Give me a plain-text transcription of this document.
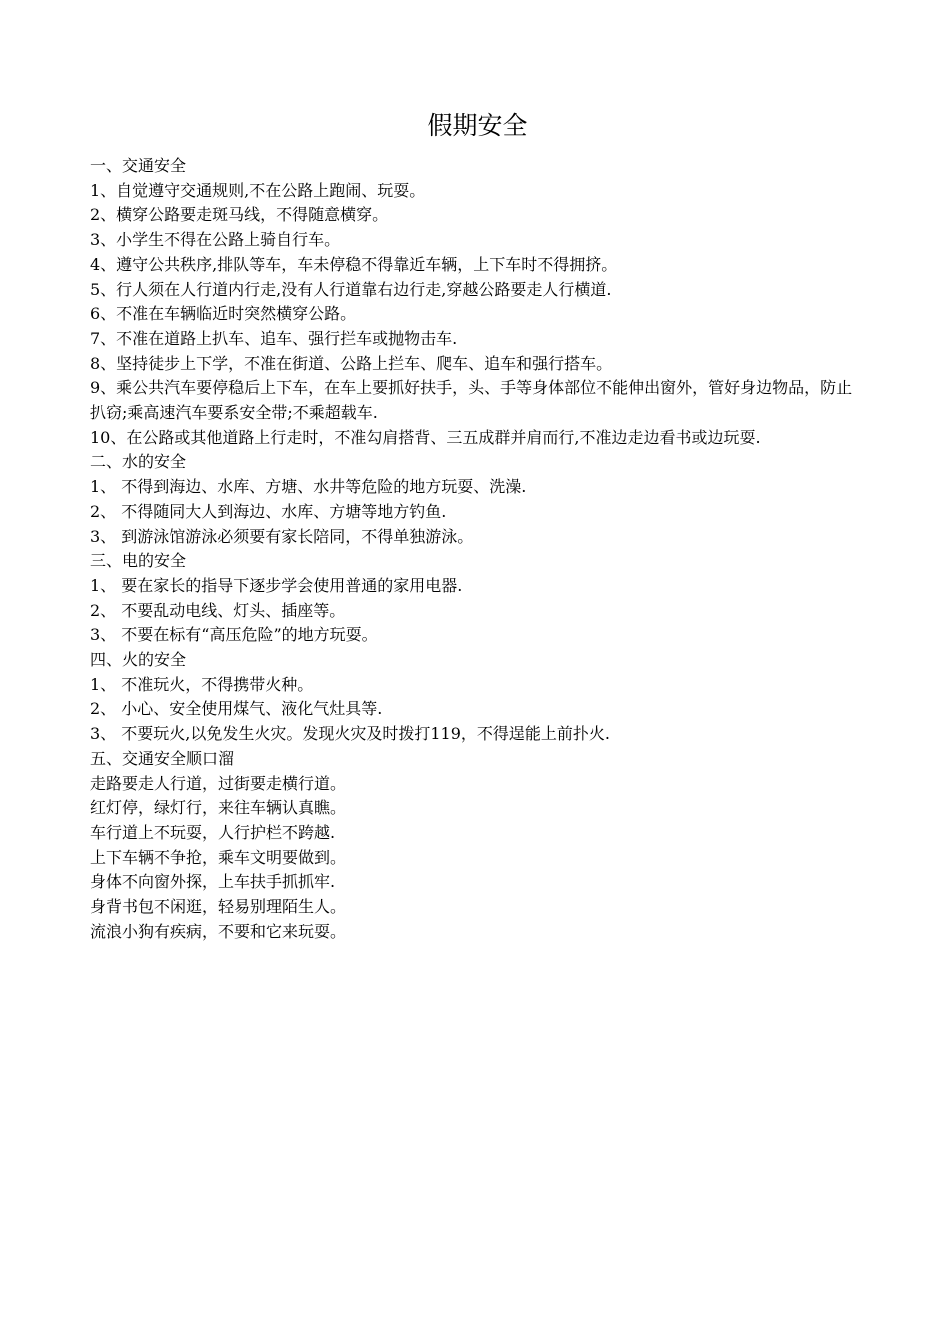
假期安全

一、交通安全

1、自觉遵守交通规则,不在公路上跑闹、玩耍。

2、横穿公路要走斑马线，不得随意横穿。

3、小学生不得在公路上骑自行车。

4、遵守公共秩序,排队等车，车未停稳不得靠近车辆，上下车时不得拥挤。

5、行人须在人行道内行走,没有人行道靠右边行走,穿越公路要走人行横道.

6、不准在车辆临近时突然横穿公路。

7、不准在道路上扒车、追车、强行拦车或抛物击车.

8、坚持徒步上下学，不准在街道、公路上拦车、爬车、追车和强行搭车。

9、乘公共汽车要停稳后上下车，在车上要抓好扶手，头、手等身体部位不能伸出窗外，管好身边物品，防止扒窃;乘高速汽车要系安全带;不乘超载车.

10、在公路或其他道路上行走时，不准勾肩搭背、三五成群并肩而行,不准边走边看书或边玩耍.

二、水的安全

1、 不得到海边、水库、方塘、水井等危险的地方玩耍、洗澡.

2、 不得随同大人到海边、水库、方塘等地方钓鱼.

3、 到游泳馆游泳必须要有家长陪同，不得单独游泳。

三、电的安全

1、 要在家长的指导下逐步学会使用普通的家用电器.

2、 不要乱动电线、灯头、插座等。

3、 不要在标有“高压危险”的地方玩耍。

四、火的安全

1、 不准玩火，不得携带火种。

2、 小心、安全使用煤气、液化气灶具等.

3、 不要玩火,以免发生火灾。发现火灾及时拨打119，不得逞能上前扑火.

五、交通安全顺口溜

走路要走人行道，过街要走横行道。

红灯停，绿灯行，来往车辆认真瞧。

车行道上不玩耍，人行护栏不跨越.

上下车辆不争抢，乘车文明要做到。

身体不向窗外探，上车扶手抓抓牢.

身背书包不闲逛，轻易别理陌生人。

流浪小狗有疾病，不要和它来玩耍。
